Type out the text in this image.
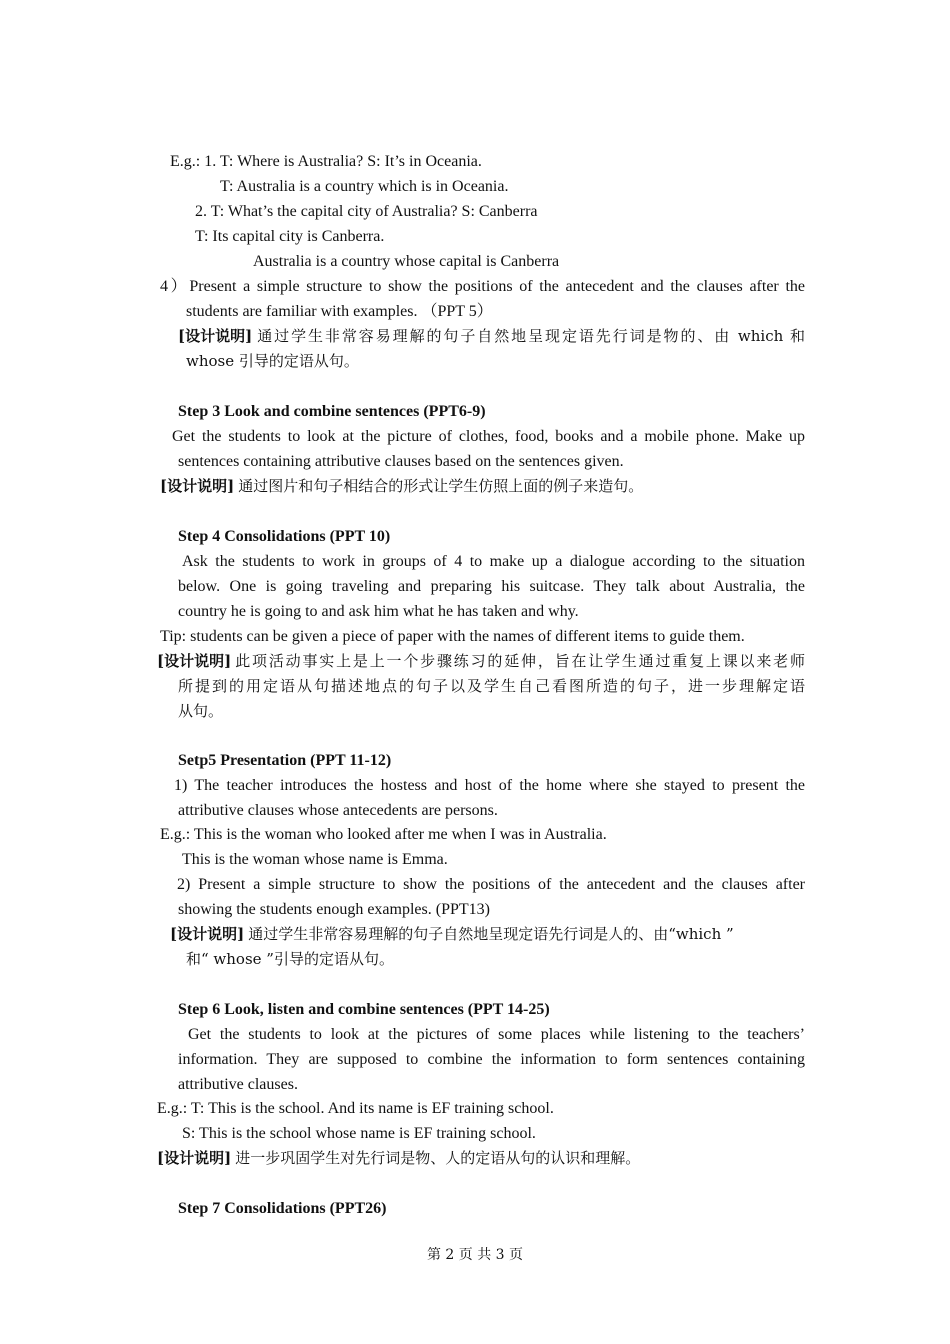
E.g.: 1. T: Where is Australia? S: It’s in Oceania.
T: Australia is a country which is in Oceania.
2. T: What’s the capital city of Australia? S: Canberra
T: Its capital city is Canberra.
Australia is a country whose capital is Canberra
4）Present a simple structure to show the positions of the antecedent and the clauses after the
students are familiar with examples. （PPT 5）
[设计说明] 通过学生非常容易理解的句子自然地呈现定语先行词是物的、由 which 和
whose 引导的定语从句。
Step 3 Look and combine sentences (PPT6-9)
Get the students to look at the picture of clothes, food, books and a mobile phone. Make up
sentences containing attributive clauses based on the sentences given.
[设计说明] 通过图片和句子相结合的形式让学生仿照上面的例子来造句。
Step 4 Consolidations (PPT 10)
Ask the students to work in groups of 4 to make up a dialogue according to the situation
below. One is going traveling and preparing his suitcase. They talk about Australia, the
country he is going to and ask him what he has taken and why.
Tip: students can be given a piece of paper with the names of different items to guide them.
[设计说明] 此项活动事实上是上一个步骤练习的延伸，旨在让学生通过重复上课以来老师
所提到的用定语从句描述地点的句子以及学生自己看图所造的句子，进一步理解定语
从句。
Setp5 Presentation (PPT 11-12)
1) The teacher introduces the hostess and host of the home where she stayed to present the
attributive clauses whose antecedents are persons.
E.g.: This is the woman who looked after me when I was in Australia.
This is the woman whose name is Emma.
2) Present a simple structure to show the positions of the antecedent and the clauses after
showing the students enough examples. (PPT13)
[设计说明] 通过学生非常容易理解的句子自然地呈现定语先行词是人的、由“which ”
和“ whose ”引导的定语从句。
Step 6 Look, listen and combine sentences (PPT 14-25)
Get the students to look at the pictures of some places while listening to the teachers’
information. They are supposed to combine the information to form sentences containing
attributive clauses.
E.g.: T: This is the school. And its name is EF training school.
S: This is the school whose name is EF training school.
[设计说明] 进一步巩固学生对先行词是物、人的定语从句的认识和理解。
Step 7 Consolidations (PPT26)
第 2 页 共 3 页
